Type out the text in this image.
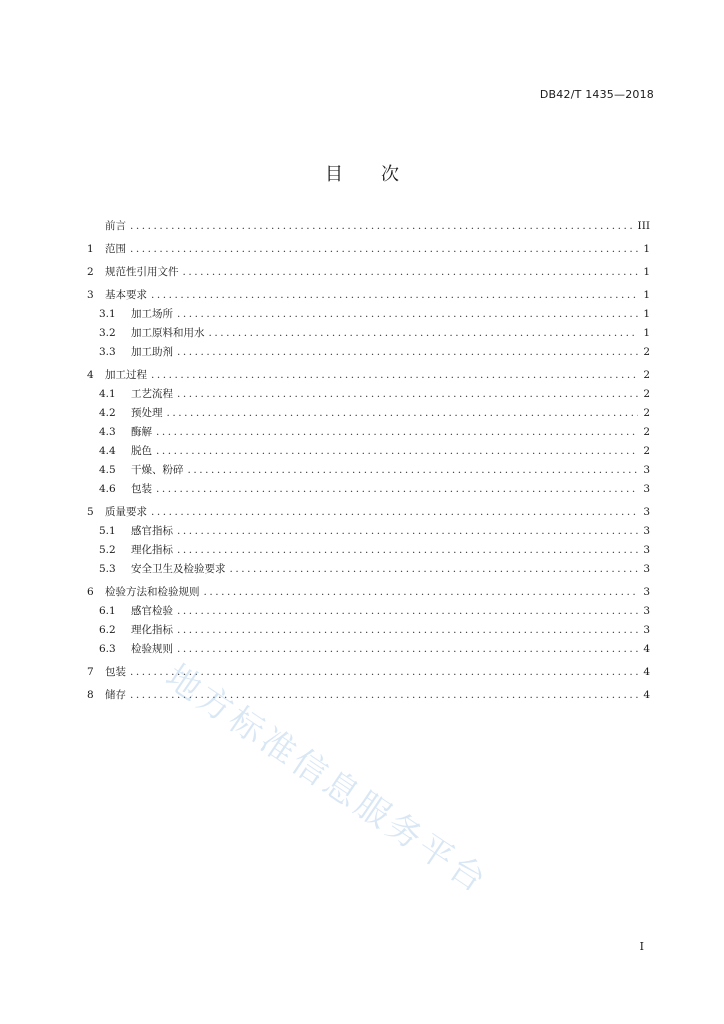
DB42/T 1435—2018
目 次
前言 . . .	III
1	范围 . . .	1
2	规范性引用文件 . . .	1
3	基本要求 . . .	1
3.1	加工场所 . . .	1
3.2	加工原料和用水 . . .	1
3.3	加工助剂 . . .	2
4	加工过程 . . .	2
4.1	工艺流程 . . .	2
4.2	预处理 . . .	2
4.3	酶解 . . .	2
4.4	脱色 . . .	2
4.5	干燥、粉碎 . . .	3
4.6	包装 . . .	3
5	质量要求 . . .	3
5.1	感官指标 . . .	3
5.2	理化指标 . . .	3
5.3	安全卫生及检验要求 . . .	3
6	检验方法和检验规则 . . .	3
6.1	感官检验 . . .	3
6.2	理化指标 . . .	3
6.3	检验规则 . . .	4
7	包装 . . .	4
8	储存 . . .	4
地方标准信息服务平台
I
